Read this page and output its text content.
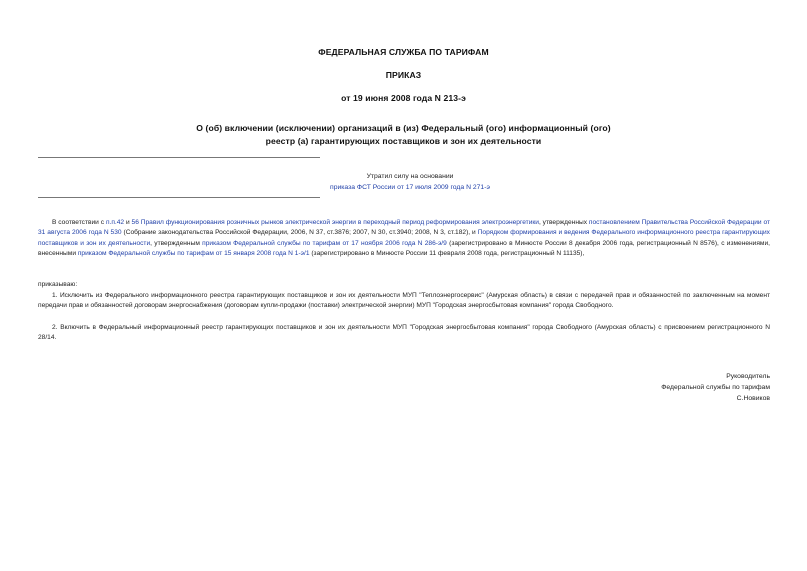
ФЕДЕРАЛЬНАЯ СЛУЖБА ПО ТАРИФАМ
ПРИКАЗ
от 19 июня 2008 года N 213-э
О (об) включении (исключении) организаций в (из) Федеральный (ого) информационный (ого)
реестр (а) гарантирующих поставщиков и зон их деятельности
Утратил силу на основании
приказа ФСТ России от 17 июля 2009 года N 271-э
В соответствии с п.п.42 и 56 Правил функционирования розничных рынков электрической энергии в переходный период реформирования электроэнергетики, утвержденных постановлением Правительства Российской Федерации от 31 августа 2006 года N 530 (Собрание законодательства Российской Федерации, 2006, N 37, ст.3876; 2007, N 30, ст.3940; 2008, N 3, ст.182), и Порядком формирования и ведения Федерального информационного реестра гарантирующих поставщиков и зон их деятельности, утвержденным приказом Федеральной службы по тарифам от 17 ноября 2006 года N 286-э/9 (зарегистрировано в Минюсте России 8 декабря 2006 года, регистрационный N 8576), с изменениями, внесенными приказом Федеральной службы по тарифам от 15 января 2008 года N 1-э/1 (зарегистрировано в Минюсте России 11 февраля 2008 года, регистрационный N 11135),
приказываю:
1. Исключить из Федерального информационного реестра гарантирующих поставщиков и зон их деятельности МУП "Теплоэнергосервис" (Амурская область) в связи с передачей прав и обязанностей по заключенным на момент передачи прав и обязанностей договорам энергоснабжения (договорам купли-продажи (поставки) электрической энергии) МУП "Городская энергосбытовая компания" города Свободного.
2. Включить в Федеральный информационный реестр гарантирующих поставщиков и зон их деятельности МУП "Городская энергосбытовая компания" города Свободного (Амурская область) с присвоением регистрационного N 28/14.
Руководитель
Федеральной службы по тарифам
С.Новиков
